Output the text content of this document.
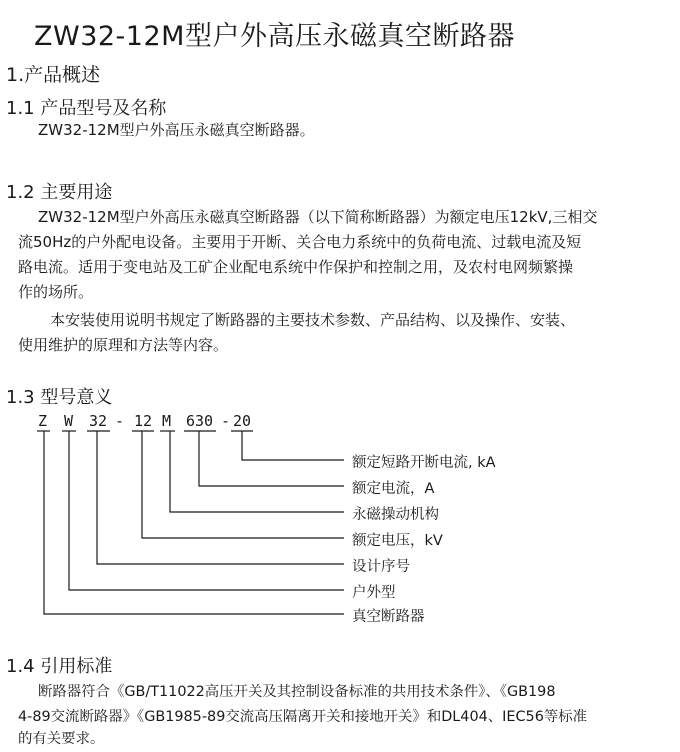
ZW32-12M型户外高压永磁真空断路器
1.产品概述
1.1 产品型号及名称
ZW32-12M型户外高压永磁真空断路器。
1.2 主要用途
ZW32-12M型户外高压永磁真空断路器（以下简称断路器）为额定电压12kV,三相交
流50Hz的户外配电设备。主要用于开断、关合电力系统中的负荷电流、过载电流及短
路电流。适用于变电站及工矿企业配电系统中作保护和控制之用，及农村电网频繁操
作的场所。
本安装使用说明书规定了断路器的主要技术参数、产品结构、以及操作、安装、
使用维护的原理和方法等内容。
1.3 型号意义
Z W 32 - 12 M 630 - 20
额定短路开断电流, kA
额定电流，A
永磁操动机构
额定电压，kV
设计序号
户外型
真空断路器
1.4 引用标准
断路器符合《GB/T11022高压开关及其控制设备标准的共用技术条件》、《GB198
4-89交流断路器》《GB1985-89交流高压隔离开关和接地开关》和DL404、IEC56等标准
的有关要求。
